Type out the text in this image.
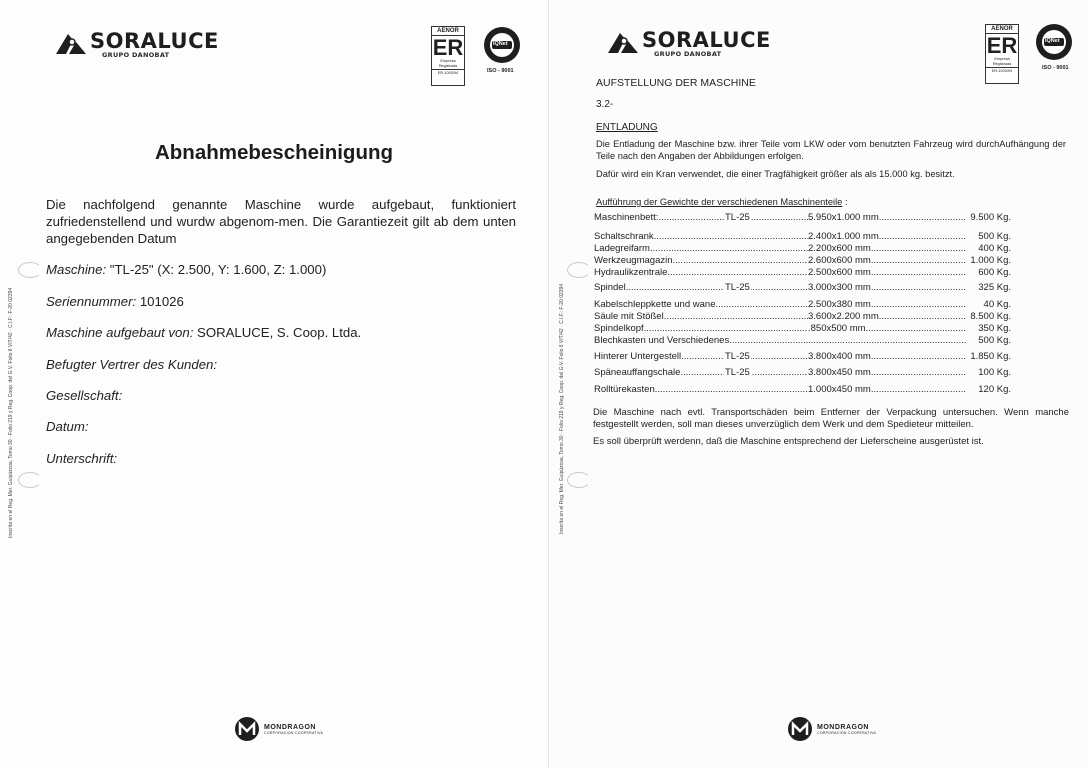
SORALUCE
GRUPO DANOBAT
AENOR
ER
Empresa
Registrada
ER-1003/94
IQNet
ISO - 9001
Abnahmebescheinigung
Die nachfolgend genannte Maschine wurde aufgebaut, funktioniert zufriedenstellend und wurdw abgenom-men. Die Garantiezeit gilt ab dem unten angegebenden Datum
Maschine: "TL-25" (X: 2.500, Y: 1.600, Z: 1.000)
Seriennummer: 101026
Maschine aufgebaut von: SORALUCE, S. Coop. Ltda.
Befugter Vertrer des Kunden:
Gesellschaft:
Datum:
Unterschrift:
Inscrita en el Reg. Mer. Guipúzcoa, Tomo 30 · Folio 219 y Reg. Coop. del G.V. Folio 6 VIT/42 · C.I.F.: F-20 02394
MONDRAGON
CORPORACION COOPERATIVA
SORALUCE
GRUPO DANOBAT
AENOR
ER
Empresa
Registrada
ER-1003/94
IQNet
ISO - 9001
AUFSTELLUNG DER MASCHINE
3.2-
ENTLADUNG
Die Entladung der Maschine bzw. ihrer Teile vom LKW oder vom benutzten Fahrzeug wird durchAufhängung der Teile nach den Angaben der Abbildungen erfolgen.
Dafür wird ein Kran verwendet, die einer Tragfähigkeit größer als als 15.000 kg. besitzt.
Aufführung der Gewichte der verschiedenen Maschinenteile :
Maschinenbett:	TL-25
.....	5.950x1.000 mm. .....	9.500 Kg.
Schaltschrank .....	2.400x1.000 mm. .....	500 Kg.
Ladegreifarm .....	2.200x600 mm. .....	400 Kg.
Werkzeugmagazin .....	2.600x600 mm. .....	1.000 Kg.
Hydraulikzentrale .....	2.500x600 mm. .....	600 Kg.
Spindel	TL-25
.....	3.000x300 mm .....	325 Kg.
Kabelschleppkette und wane .....	2.500x380 mm .....	40 Kg.
Säule mit Stößel .....	3.600x2.200 mm .....	8.500 Kg.
Spindelkopf .....	.850x500 mm .....	350 Kg.
Blechkasten und Verschiedenes .....
.....	500 Kg.
Hinterer Untergestell	TL-25
.....	3.800x400 mm .....	1.850 Kg.
Späneauffangschale	TL-25
.....	3.800x450 mm .....	100 Kg.
Rolltürekasten .....	1.000x450 mm .....	120 Kg.
Die Maschine nach evtl. Transportschäden beim Entferner der Verpackung untersuchen. Wenn manche festgestellt werden, soll man dieses unverzüglich dem Werk und dem Spedieteur mitteilen.
Es soll überprüft werdenn, daß die Maschine entsprechend der Lieferscheine ausgerüstet ist.
Inscrita en el Reg. Mer. Guipúzcoa, Tomo 30 · Folio 219 y Reg. Coop. del G.V. Folio 6 VIT/42 · C.I.F.: F-20 02394
MONDRAGON
CORPORACION COOPERATIVA
